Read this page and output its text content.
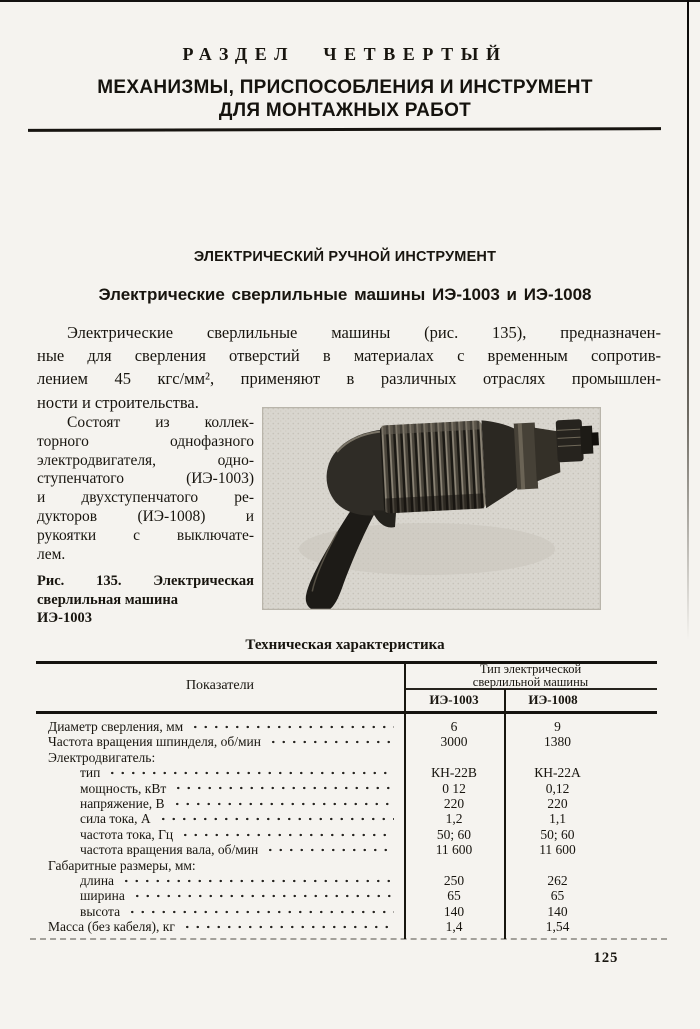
РАЗДЕЛ ЧЕТВЕРТЫЙ
МЕХАНИЗМЫ, ПРИСПОСОБЛЕНИЯ И ИНСТРУМЕНТ
ДЛЯ МОНТАЖНЫХ РАБОТ
ЭЛЕКТРИЧЕСКИЙ РУЧНОЙ ИНСТРУМЕНТ
Электрические сверлильные машины ИЭ-1003 и ИЭ-1008
Электрические сверлильные машины (рис. 135), предназначен-
ные для сверления отверстий в материалах с временным сопротив-
лением 45 кгс/мм², применяют в различных отраслях промышлен-
ности и строительства.
Состоят из коллек-
торного однофазного
электродвигателя, одно-
ступенчатого (ИЭ-1003)
и двухступенчатого ре-
дукторов (ИЭ-1008) и
рукоятки с выключате-
лем.
Рис. 135. Электрическая
сверлильная машина
ИЭ-1003
Техническая характеристика
Показатели
Тип электрической
сверлильной машины
ИЭ-1003	ИЭ-1008
Диаметр сверления, мм	6	9
Частота вращения шпинделя, об/мин	3000	1380
Электродвигатель:
тип	КН-22В	КН-22А
мощность, кВт	0 12	0,12
напряжение, В	220	220
сила тока, А	1,2	1,1
частота тока, Гц	50; 60	50; 60
частота вращения вала, об/мин	11 600	11 600
Габаритные размеры, мм:
длина	250	262
ширина	65	65
высота	140	140
Масса (без кабеля), кг	1,4	1,54
125
